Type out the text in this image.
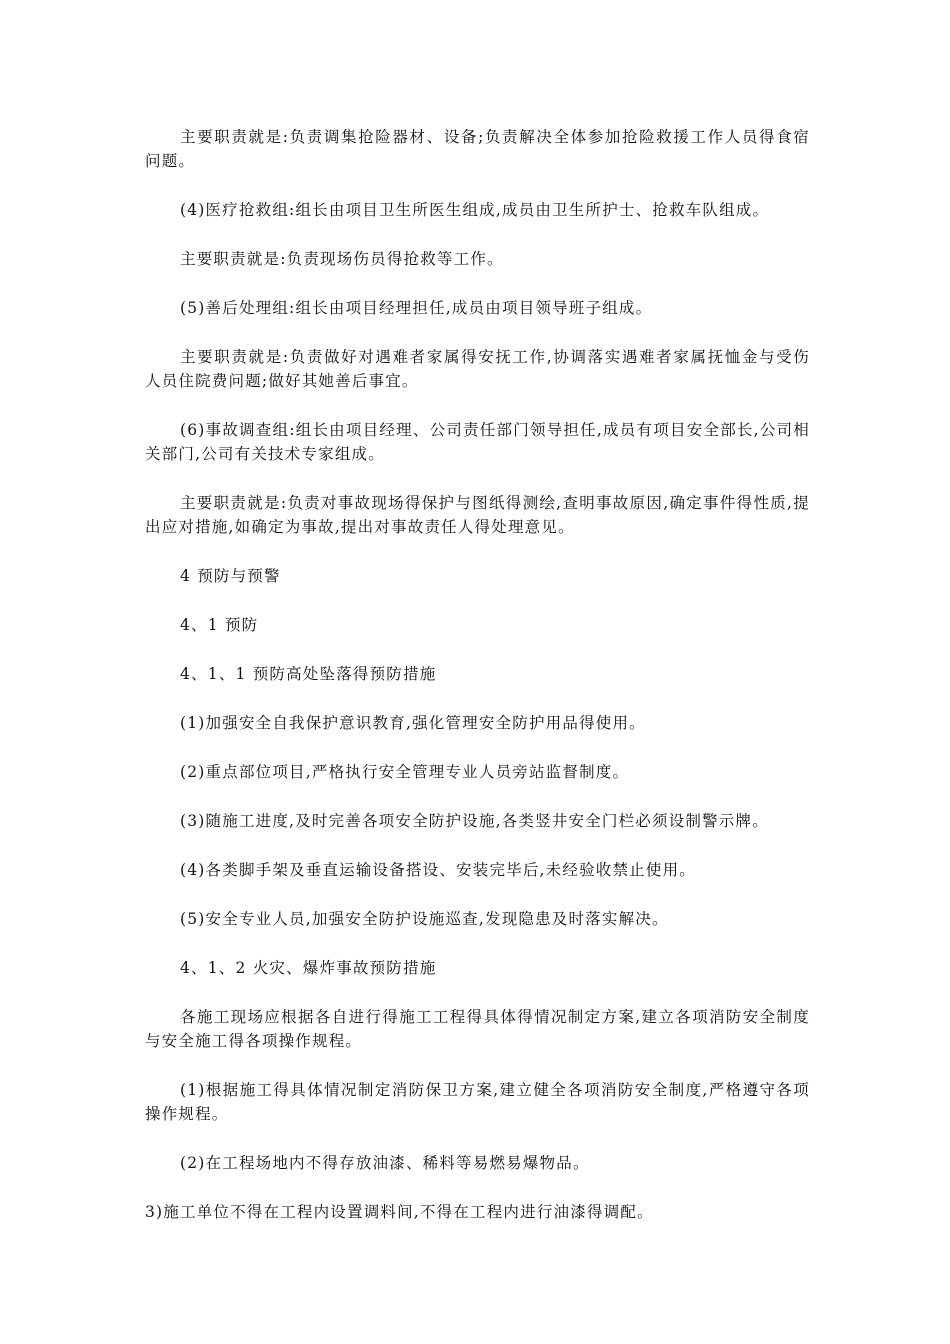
主要职责就是:负责调集抢险器材、设备;负责解决全体参加抢险救援工作人员得食宿问题。

(4)医疗抢救组:组长由项目卫生所医生组成,成员由卫生所护士、抢救车队组成。

主要职责就是:负责现场伤员得抢救等工作。

(5)善后处理组:组长由项目经理担任,成员由项目领导班子组成。

主要职责就是:负责做好对遇难者家属得安抚工作,协调落实遇难者家属抚恤金与受伤人员住院费问题;做好其她善后事宜。

(6)事故调查组:组长由项目经理、公司责任部门领导担任,成员有项目安全部长,公司相关部门,公司有关技术专家组成。

主要职责就是:负责对事故现场得保护与图纸得测绘,查明事故原因,确定事件得性质,提出应对措施,如确定为事故,提出对事故责任人得处理意见。

4 预防与预警

4、1 预防

4、1、1 预防高处坠落得预防措施

(1)加强安全自我保护意识教育,强化管理安全防护用品得使用。

(2)重点部位项目,严格执行安全管理专业人员旁站监督制度。

(3)随施工进度,及时完善各项安全防护设施,各类竖井安全门栏必须设制警示牌。

(4)各类脚手架及垂直运输设备搭设、安装完毕后,未经验收禁止使用。

(5)安全专业人员,加强安全防护设施巡查,发现隐患及时落实解决。

4、1、2 火灾、爆炸事故预防措施

各施工现场应根据各自进行得施工工程得具体得情况制定方案,建立各项消防安全制度与安全施工得各项操作规程。

(1)根据施工得具体情况制定消防保卫方案,建立健全各项消防安全制度,严格遵守各项操作规程。

(2)在工程场地内不得存放油漆、稀料等易燃易爆物品。

3)施工单位不得在工程内设置调料间,不得在工程内进行油漆得调配。
